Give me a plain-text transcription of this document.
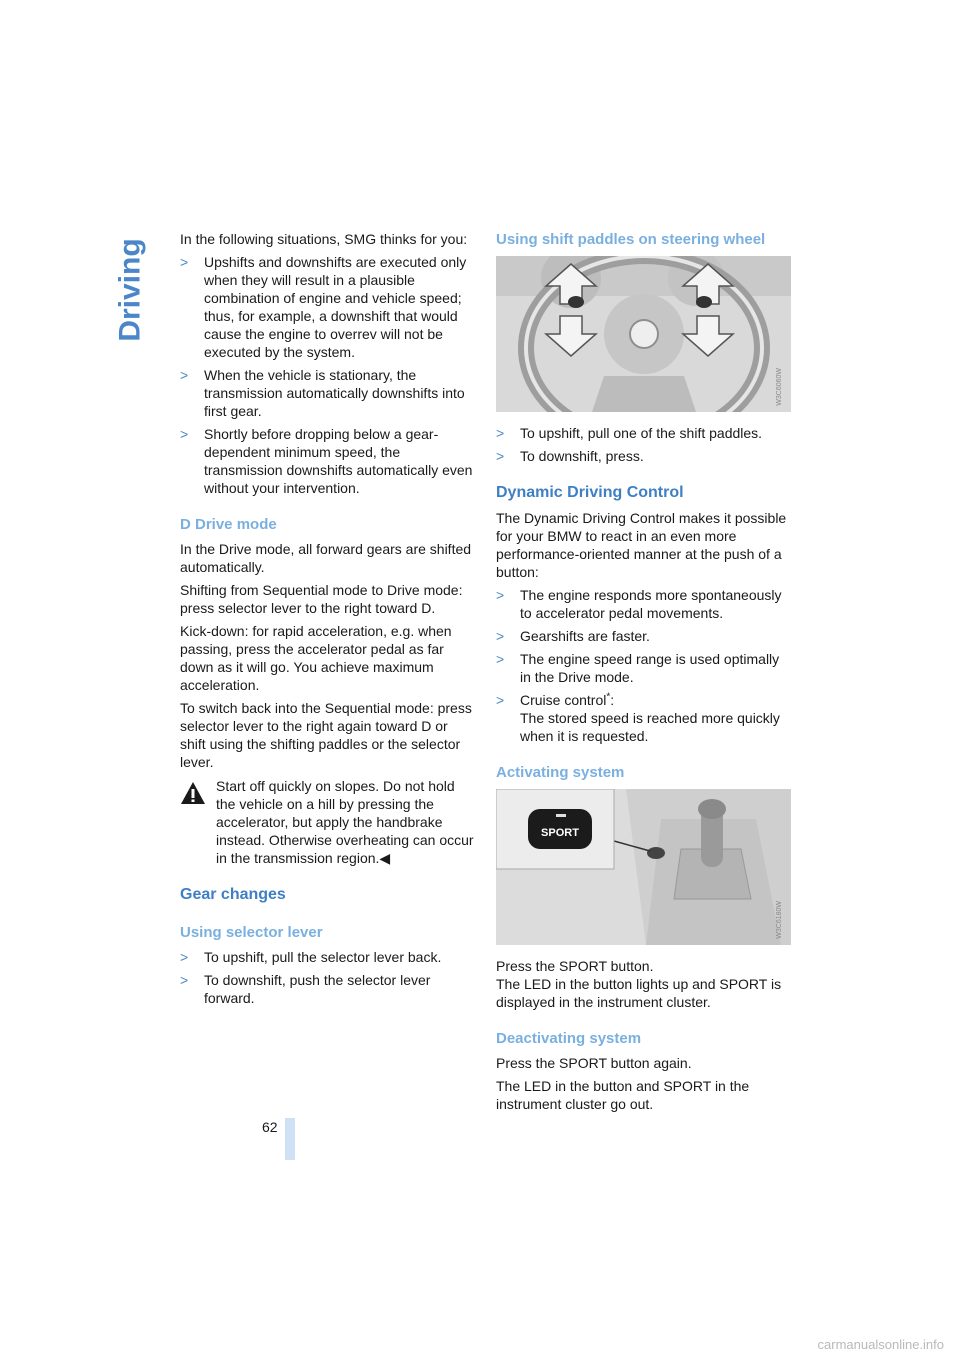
Driving In the following situations, SMG thinks for you:

> Upshifts and downshifts are executed only when they will result in a plausible combination of engine and vehicle speed; thus, for example, a downshift that would cause the engine to overrev will not be executed by the system.
> When the vehicle is stationary, the transmission automatically downshifts into first gear.
> Shortly before dropping below a gear-dependent minimum speed, the transmission downshifts automatically even without your intervention.
D Drive mode

In the Drive mode, all forward gears are shifted automatically.

Shifting from Sequential mode to Drive mode: press selector lever to the right toward D.

Kick-down: for rapid acceleration, e.g. when passing, press the accelerator pedal as far down as it will go. You achieve maximum acceleration.

To switch back into the Sequential mode: press selector lever to the right again toward D or shift using the shifting paddles or the selector lever.

Start off quickly on slopes. Do not hold the vehicle on a hill by pressing the accelerator, but apply the handbrake instead. Otherwise overheating can occur in the transmission region.◀
Gear changes
Using selector lever
> To upshift, pull the selector lever back.
> To downshift, push the selector lever forward.
Using shift paddles on steering wheel
W3C6060W
> To upshift, pull one of the shift paddles.
> To downshift, press.
Dynamic Driving Control

The Dynamic Driving Control makes it possible for your BMW to react in an even more performance-oriented manner at the push of a button:

> The engine responds more spontaneously to accelerator pedal movements.
> Gearshifts are faster.
> The engine speed range is used optimally in the Drive mode.
> Cruise control*:
The stored speed is reached more quickly when it is requested.
Activating system
SPORT
W3C6180W

Press the SPORT button.
The LED in the button lights up and SPORT is displayed in the instrument cluster.

Deactivating system

Press the SPORT button again.

The LED in the button and SPORT in the instrument cluster go out.

62
carmanualsonline.info
